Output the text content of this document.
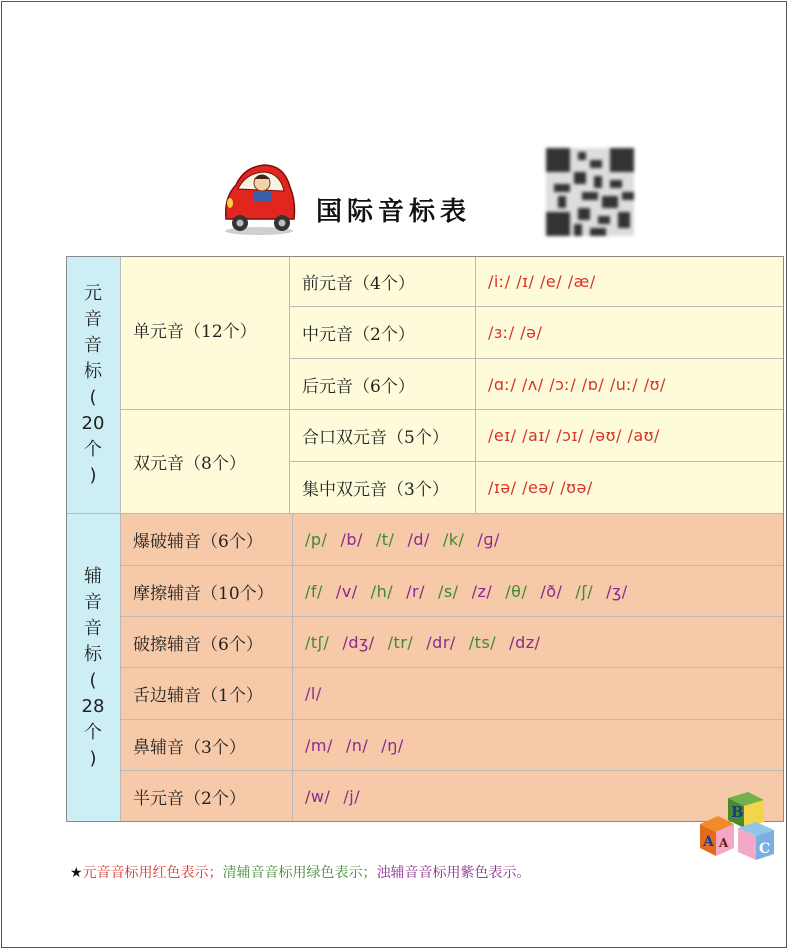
国际音标表
元
音
音
标
(
20
个
)
单元音（12个）
前元音（4个）	/iː/ /ɪ/ /e/ /æ/
中元音（2个）	/ɜː/ /ə/
后元音（6个）	/ɑː/ /ʌ/ /ɔː/ /ɒ/ /uː/ /ʊ/
双元音（8个）
合口双元音（5个）	/eɪ/ /aɪ/ /ɔɪ/ /əʊ/ /aʊ/
集中双元音（3个）	/ɪə/ /eə/ /ʊə/
辅
音
音
标
(
28
个
)
爆破辅音（6个）	/p/ /b/ /t/ /d/ /k/ /ɡ/
摩擦辅音（10个）	/f/ /v/ /h/ /r/ /s/ /z/ /θ/ /ð/ /ʃ/ /ʒ/
破擦辅音（6个）	/tʃ/ /dʒ/ /tr/ /dr/ /ts/ /dz/
舌边辅音（1个）	/l/
鼻辅音（3个）	/m/ /n/ /ŋ/
半元音（2个）	/w/ /j/
B
A A C
★元音音标用红色表示；清辅音音标用绿色表示；浊辅音音标用紫色表示。
